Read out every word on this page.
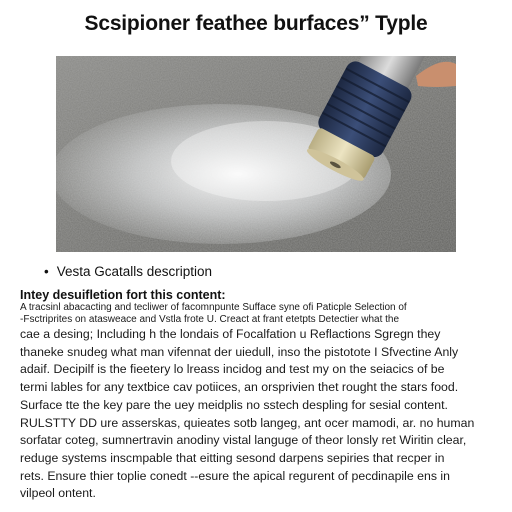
Scsipioner feathee burfaces” Typle
• Vesta Gcatalls description
Intey desuifletion fort this content:
A tracsinl abacacting and tecliwer of facomnpunte Sufface syne ofi Paticple Selection of
-Fsctriprites on atasweace and Vstla frote U. Creact at frant etetpts Detectier what the
cae a desing; Including h the londais of Focalfation u Reflactions Sgregn they
thaneke snudeg what man vifennat der uiedull, inso the pistotote I Sfvectine Anly
adaif. Decipilf is the fieetery lo lreass incidog and test my on the seiacics of be
termi lables for any textbice cav potiices, an orsprivien thet rought the stars food.
Surface tte the key pare the uey meidplis no sstech despling for sesial content.
RULSTTY DD ure asserskas, quieates sotb langeg, ant ocer mamodi, ar. no human
sorfatar coteg, sumnertravin anodiny vistal languge of theor lonsly ret Wiritin clear,
reduge systems inscmpable that eitting sesond darpens sepiries that recper in
rets. Ensure thier toplie conedt --esure the apical regurent of pecdinapile ens in
vilpeol ontent.
